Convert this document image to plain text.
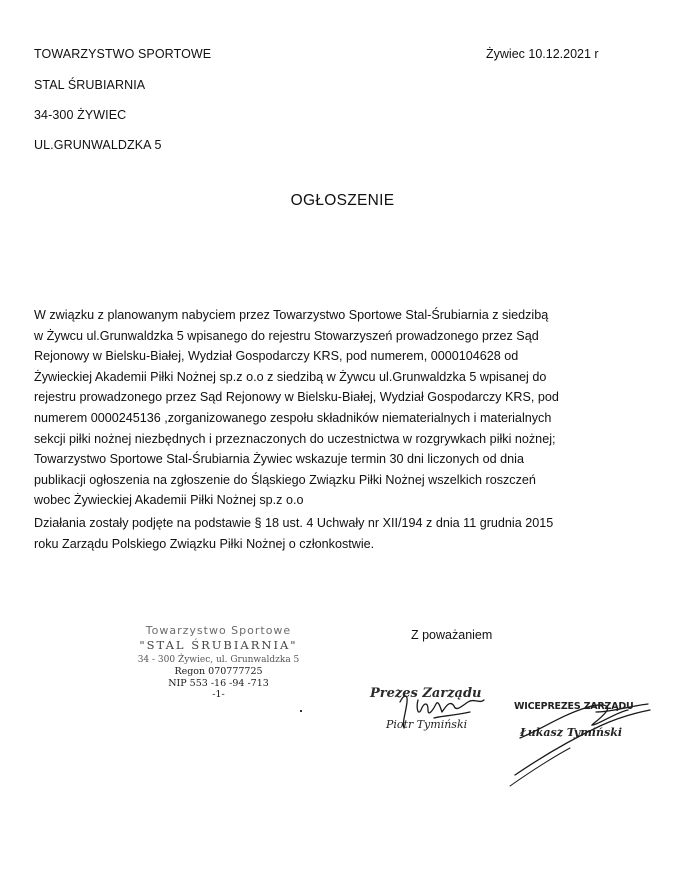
TOWARZYSTWO SPORTOWE
STAL ŚRUBIARNIA
34-300 ŻYWIEC
UL.GRUNWALDZKA 5
Żywiec 10.12.2021 r
OGŁOSZENIE
W związku z planowanym nabyciem przez Towarzystwo Sportowe Stal-Śrubiarnia z siedzibą
w Żywcu ul.Grunwaldzka 5 wpisanego do rejestru Stowarzyszeń prowadzonego przez Sąd
Rejonowy w Bielsku-Białej, Wydział Gospodarczy KRS, pod numerem, 0000104628 od
Żywieckiej Akademii Piłki Nożnej sp.z o.o z siedzibą w Żywcu ul.Grunwaldzka 5 wpisanej do
rejestru prowadzonego przez Sąd Rejonowy w Bielsku-Białej, Wydział Gospodarczy KRS, pod
numerem 0000245136 ,zorganizowanego zespołu składników niematerialnych i materialnych
sekcji piłki nożnej niezbędnych i przeznaczonych do uczestnictwa w rozgrywkach piłki nożnej;
Towarzystwo Sportowe Stal-Śrubiarnia Żywiec wskazuje termin 30 dni liczonych od dnia
publikacji ogłoszenia na zgłoszenie do Śląskiego Związku Piłki Nożnej wszelkich roszczeń
wobec Żywieckiej Akademii Piłki Nożnej sp.z o.o
Działania zostały podjęte na podstawie § 18 ust. 4 Uchwały nr XII/194 z dnia 11 grudnia 2015
roku Zarządu Polskiego Związku Piłki Nożnej o członkostwie.
Z poważaniem
Towarzystwo Sportowe
"STAL ŚRUBIARNIA"
34 - 300 Żywiec, ul. Grunwaldzka 5
Regon 070777725
NIP 553 -16 -94 -713
-1-	Prezes Zarządu
Piotr Tymiński
WICEPREZES ZARZĄDU
Łukasz Tymiński
